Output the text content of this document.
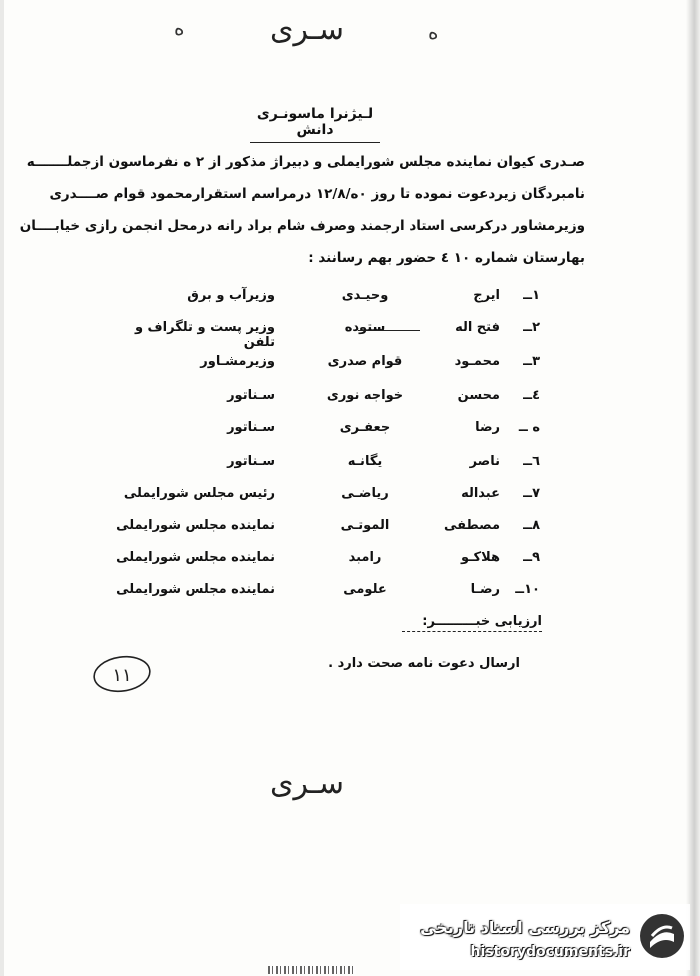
ه	سـری	ه
لـیژنرا ماسونـری دانش
صـدری کیوان نماینده مجلس شورایملی و دبیراژ مذکور از ۲ ه نفرماسون ازجملـــــــه
نامبردگان زیردعوت نموده تا روز ۰ه/۱۲/۸ درمراسم استقرارمحمود قوام صــــدری
وزیرمشاور درکرسی استاد ارجمند وصرف شام براد رانه درمحل انجمن رازی خیابــــان
بهارستان شماره ۱۰ ٤ حضور بهم رسانند :
۱ــ
ایرج
وحیـدی
وزیرآب و برق
۲ــ
فتح اله
ستوده
وزیر پست و تلگراف و تلفن
۳ــ
محمـود
قوام صدری
وزیرمشـاور
٤ــ
محسن
خواجه نوری
سـناتور
ه ــ
رضا
جعفـری
سـناتور
٦ــ
ناصر
یگانـه
سـناتور
۷ــ
عبداله
ریاضـی
رئیس مجلس شورایملی
۸ــ
مصطفی
الموتـی
نماینده مجلس شورایملی
۹ــ
هلاکـو
رامبد
نماینده مجلس شورایملی
۱۰ــ
رضـا
علومی
نماینده مجلس شورایملی
ارزیابی خبـــــــــر:
ارسال دعوت نامه صحت دارد .
۱۱
سـری
مرکز بررسی اسناد تاریخی
historydocuments.ir
